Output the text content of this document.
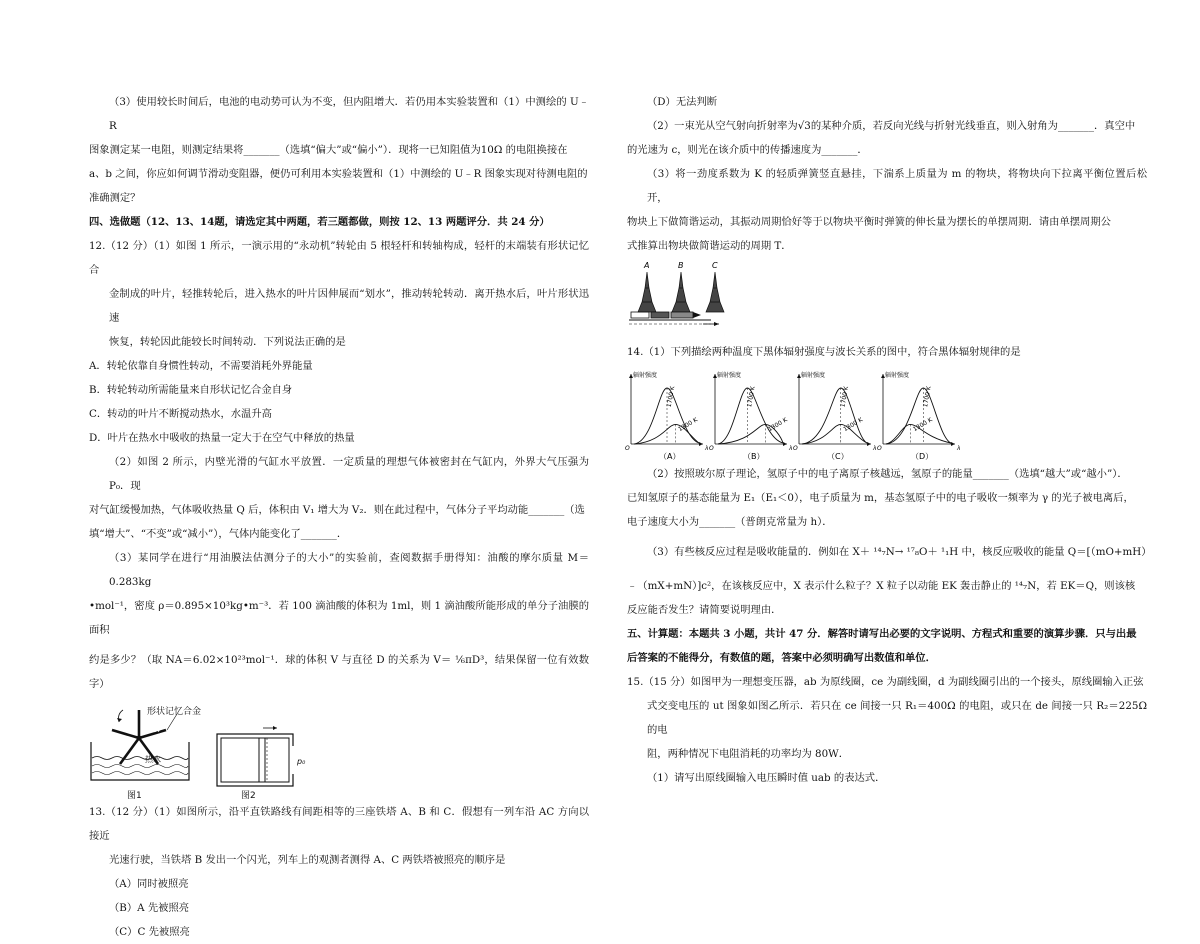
（3）使用较长时间后，电池的电动势可认为不变，但内阻增大．若仍用本实验装置和（1）中测绘的 U﹣R

图象测定某一电阻，则测定结果将_______（选填“偏大”或“偏小”）．现将一已知阻值为10Ω 的电阻换接在

a、b 之间，你应如何调节滑动变阻器，便仍可利用本实验装置和（1）中测绘的 U﹣R 图象实现对待测电阻的

准确测定？

四、选做题（12、13、14题，请选定其中两题，若三题都做，则按 12、13 两题评分．共 24 分）

12.（12 分）（1）如图 1 所示，一演示用的“永动机”转轮由 5 根轻杆和转轴构成，轻杆的末端装有形状记忆合

金制成的叶片，轻推转轮后，进入热水的叶片因伸展而“划水”，推动转轮转动．离开热水后，叶片形状迅速

恢复，转轮因此能较长时间转动．下列说法正确的是

A．转轮依靠自身惯性转动，不需要消耗外界能量

B．转轮转动所需能量来自形状记忆合金自身

C．转动的叶片不断搅动热水，水温升高

D．叶片在热水中吸收的热量一定大于在空气中释放的热量

（2）如图 2 所示，内壁光滑的气缸水平放置．一定质量的理想气体被密封在气缸内，外界大气压强为 P₀．现

对气缸缓慢加热，气体吸收热量 Q 后，体积由 V₁ 增大为 V₂．则在此过程中，气体分子平均动能_______（选

填“增大”、“不变”或“减小”），气体内能变化了_______．

（3）某同学在进行“用油膜法估测分子的大小”的实验前，查阅数据手册得知：油酸的摩尔质量 M＝0.283kg

•mol⁻¹，密度 ρ＝0.895×10³kg•m⁻³．若 100 滴油酸的体积为 1ml，则 1 滴油酸所能形成的单分子油膜的面积

约是多少？（取 NA＝6.02×10²³mol⁻¹．球的体积 V 与直径 D 的关系为 V＝ ⅙πD³，结果保留一位有效数字）

热水
热水
形状记忆合金
图1
p₀
图2

13.（12 分）（1）如图所示，沿平直铁路线有间距相等的三座铁塔 A、B 和 C．假想有一列车沿 AC 方向以接近

光速行驶，当铁塔 B 发出一个闪光，列车上的观测者测得 A、C 两铁塔被照亮的顺序是

（A）同时被照亮

（B）A 先被照亮

（C）C 先被照亮

（D）无法判断

（2）一束光从空气射向折射率为√3的某种介质，若反向光线与折射光线垂直，则入射角为_______．真空中

的光速为 c，则光在该介质中的传播速度为_______．

（3）将一劲度系数为 K 的轻质弹簧竖直悬挂，下湍系上质量为 m 的物块，将物块向下拉离平衡位置后松开，

物块上下做简谐运动，其振动周期恰好等于以物块平衡时弹簧的伸长量为摆长的单摆周期．请由单摆周期公

式推算出物块做简谐运动的周期 T．

A	B	C

14.（1）下列描绘两种温度下黑体辐射强度与波长关系的图中，符合黑体辐射规律的是

辐射强度
1700 K
1300 K
O	λ
（A）
辐射强度
1700 K
1300 K
O	λ
（B）
辐射强度
1700 K
1300 K
O	λ
（C）
辐射强度
1700 K
1300 K
O	λ
（D）

（2）按照玻尔原子理论，氢原子中的电子离原子核越远，氢原子的能量_______（选填“越大”或“越小”）．

已知氢原子的基态能量为 E₁（E₁＜0），电子质量为 m，基态氢原子中的电子吸收一频率为 γ 的光子被电离后，

电子速度大小为_______（普朗克常量为 h）．

（3）有些核反应过程是吸收能量的．例如在 X＋ ¹⁴₇N→ ¹⁷₈O＋ ¹₁H 中，核反应吸收的能量 Q＝[（mO+mH）

﹣（mX+mN）]c²，在该核反应中，X 表示什么粒子？X 粒子以动能 EK 轰击静止的 ¹⁴₇N，若 EK＝Q，则该核

反应能否发生？请简要说明理由．

五、计算题：本题共 3 小题，共计 47 分．解答时请写出必要的文字说明、方程式和重要的演算步骤．只与出最

后答案的不能得分，有数值的题，答案中必须明确写出数值和单位．

15.（15 分）如图甲为一理想变压器，ab 为原线圈，ce 为副线圈，d 为副线圈引出的一个接头，原线圈输入正弦

式交变电压的 ut 图象如图乙所示．若只在 ce 间接一只 R₁＝400Ω 的电阻，或只在 de 间接一只 R₂＝225Ω 的电

阻，两种情况下电阻消耗的功率均为 80W．

（1）请写出原线圈输入电压瞬时值 uab 的表达式．
